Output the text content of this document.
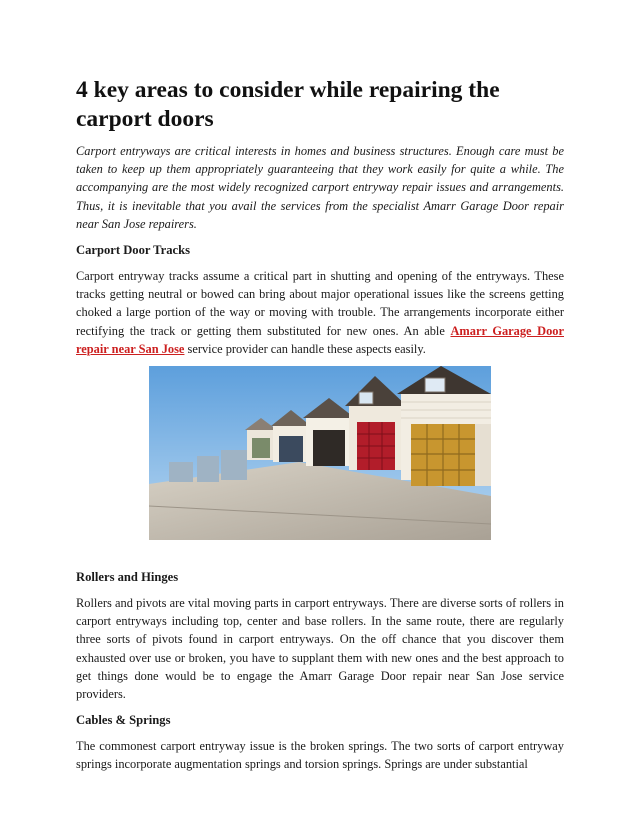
4 key areas to consider while repairing the carport doors

Carport entryways are critical interests in homes and business structures. Enough care must be taken to keep up them appropriately guaranteeing that they work easily for quite a while. The accompanying are the most widely recognized carport entryway repair issues and arrangements. Thus, it is inevitable that you avail the services from the specialist Amarr Garage Door repair near San Jose repairers.

Carport Door Tracks

Carport entryway tracks assume a critical part in shutting and opening of the entryways. These tracks getting neutral or bowed can bring about major operational issues like the screens getting choked a large portion of the way or moving with trouble. The arrangements incorporate either rectifying the track or getting them substituted for new ones. An able Amarr Garage Door repair near San Jose service provider can handle these aspects easily.

Rollers and Hinges

Rollers and pivots are vital moving parts in carport entryways. There are diverse sorts of rollers in carport entryways including top, center and base rollers. In the same route, there are regularly three sorts of pivots found in carport entryways. On the off chance that you discover them exhausted over use or broken, you have to supplant them with new ones and the best approach to get things done would be to engage the Amarr Garage Door repair near San Jose service providers.

Cables & Springs

The commonest carport entryway issue is the broken springs. The two sorts of carport entryway springs incorporate augmentation springs and torsion springs. Springs are under substantial
